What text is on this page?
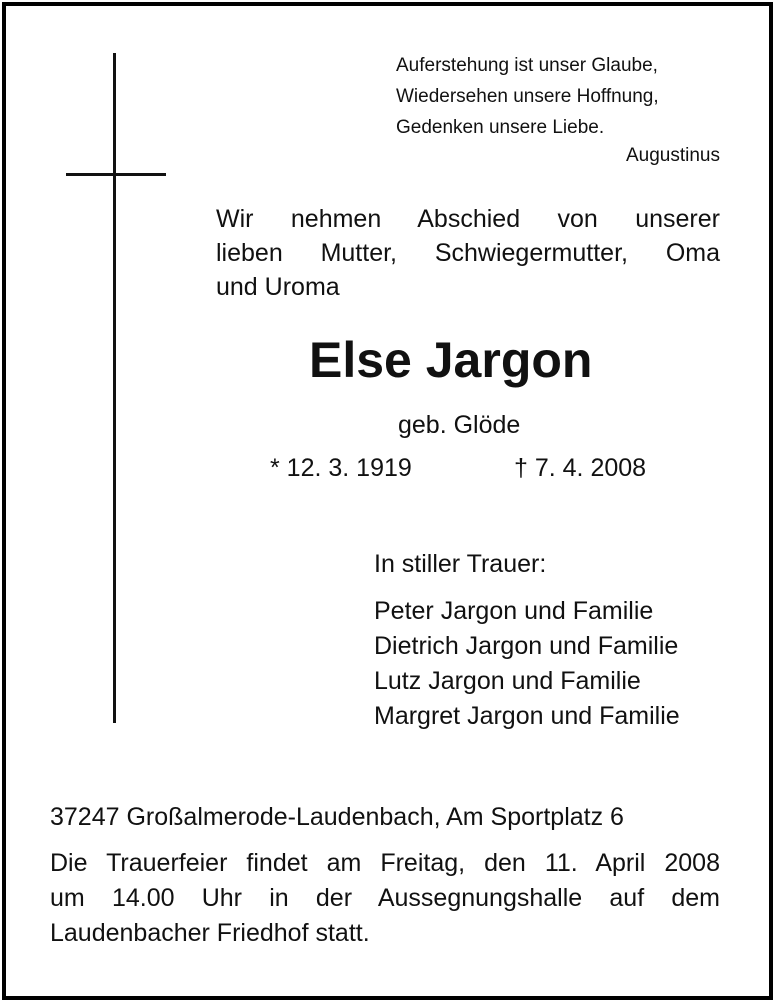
Auferstehung ist unser Glaube,
Wiedersehen unsere Hoffnung,
Gedenken unsere Liebe.
Augustinus
Wir nehmen Abschied von unserer
lieben Mutter, Schwiegermutter, Oma
und Uroma
Else Jargon
geb. Glöde
* 12. 3. 1919	† 7. 4. 2008
In stiller Trauer:
Peter Jargon und Familie
Dietrich Jargon und Familie
Lutz Jargon und Familie
Margret Jargon und Familie
37247 Großalmerode-Laudenbach, Am Sportplatz 6
Die Trauerfeier findet am Freitag, den 11. April 2008
um 14.00 Uhr in der Aussegnungshalle auf dem
Laudenbacher Friedhof statt.
